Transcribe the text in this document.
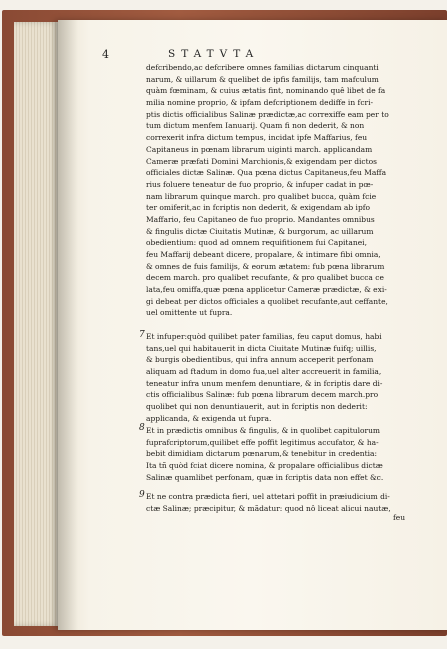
4	STATVTA
defcribendo,ac defcribere omnes familias dictarum cinquanti
narum, & uillarum & quelibet de ipfis familijs, tam mafculum
quàm fœminam, & cuius ætatis fint, nominando quê libet de fa
milia nomine proprio, & ipfam defcriptionem dediffe in fcri-
ptis dictis officialibus Salinæ prædictæ,ac correxiffe eam per to
tum dictum menfem Ianuarij. Quam fi non dederit, & non
correxerit infra dictum tempus, incidat ipfe Maffarius, feu
Capitaneus in pœnam librarum uiginti march. applicandam
Cameræ præfati Domini Marchionis,& exigendam per dictos
officiales dictæ Salinæ. Qua pœna dictus Capitaneus,feu Maffa
rius foluere teneatur de fuo proprio, & infuper cadat in pœ-
nam librarum quinque march. pro qualibet bucca, quàm fcie
ter omiferit,ac in fcriptis non dederit, & exigendam ab ipfo
Maffario, feu Capitaneo de fuo proprio. Mandantes omnibus
& fingulis dictæ Ciuitatis Mutinæ, & burgorum, ac uillarum
obedientium: quod ad omnem requifitionem fui Capitanei,
feu Maffarij debeant dicere, propalare, & intimare fibi omnia,
& omnes de fuis familijs, & eorum ætatem: fub pœna librarum
decem march. pro qualibet recufante, & pro qualibet bucca ce
lata,feu omiffa,quæ pœna applicetur Cameræ prædictæ, & exi-
gi debeat per dictos officiales a quolibet recufante,aut ceffante,
uel omittente ut fupra.
7 Et infuper:quòd quilibet pater familias, feu caput domus, habi
tans,uel qui habitauerit in dicta Ciuitate Mutinæ fuifq; uillis,
& burgis obedientibus, qui infra annum acceperit perfonam
aliquam ad ftadum in domo fua,uel alter accreuerit in familia,
teneatur infra unum menfem denuntiare, & in fcriptis dare di-
ctis officialibus Salinæ: fub pœna librarum decem march.pro
quolibet qui non denuntiauerit, aut in fcriptis non dederit:
applicanda, & exigenda ut fupra.
8 Et in prædictis omnibus & fingulis, & in quolibet capitulorum
fuprafcriptorum,quilibet effe poffit legitimus accufator, & ha-
bebit dimidiam dictarum pœnarum,& tenebitur in credentia:
Ita tñ quòd fciat dicere nomina, & propalare officialibus dictæ
Salinæ quamlibet perfonam, quæ in fcriptis data non effet &c.
9 Et ne contra prædicta fieri, uel attetari poffit in præiudicium di-
ctæ Salinæ; præcipitur, & mãdatur: quod nô liceat alicui nautæ,
feu
